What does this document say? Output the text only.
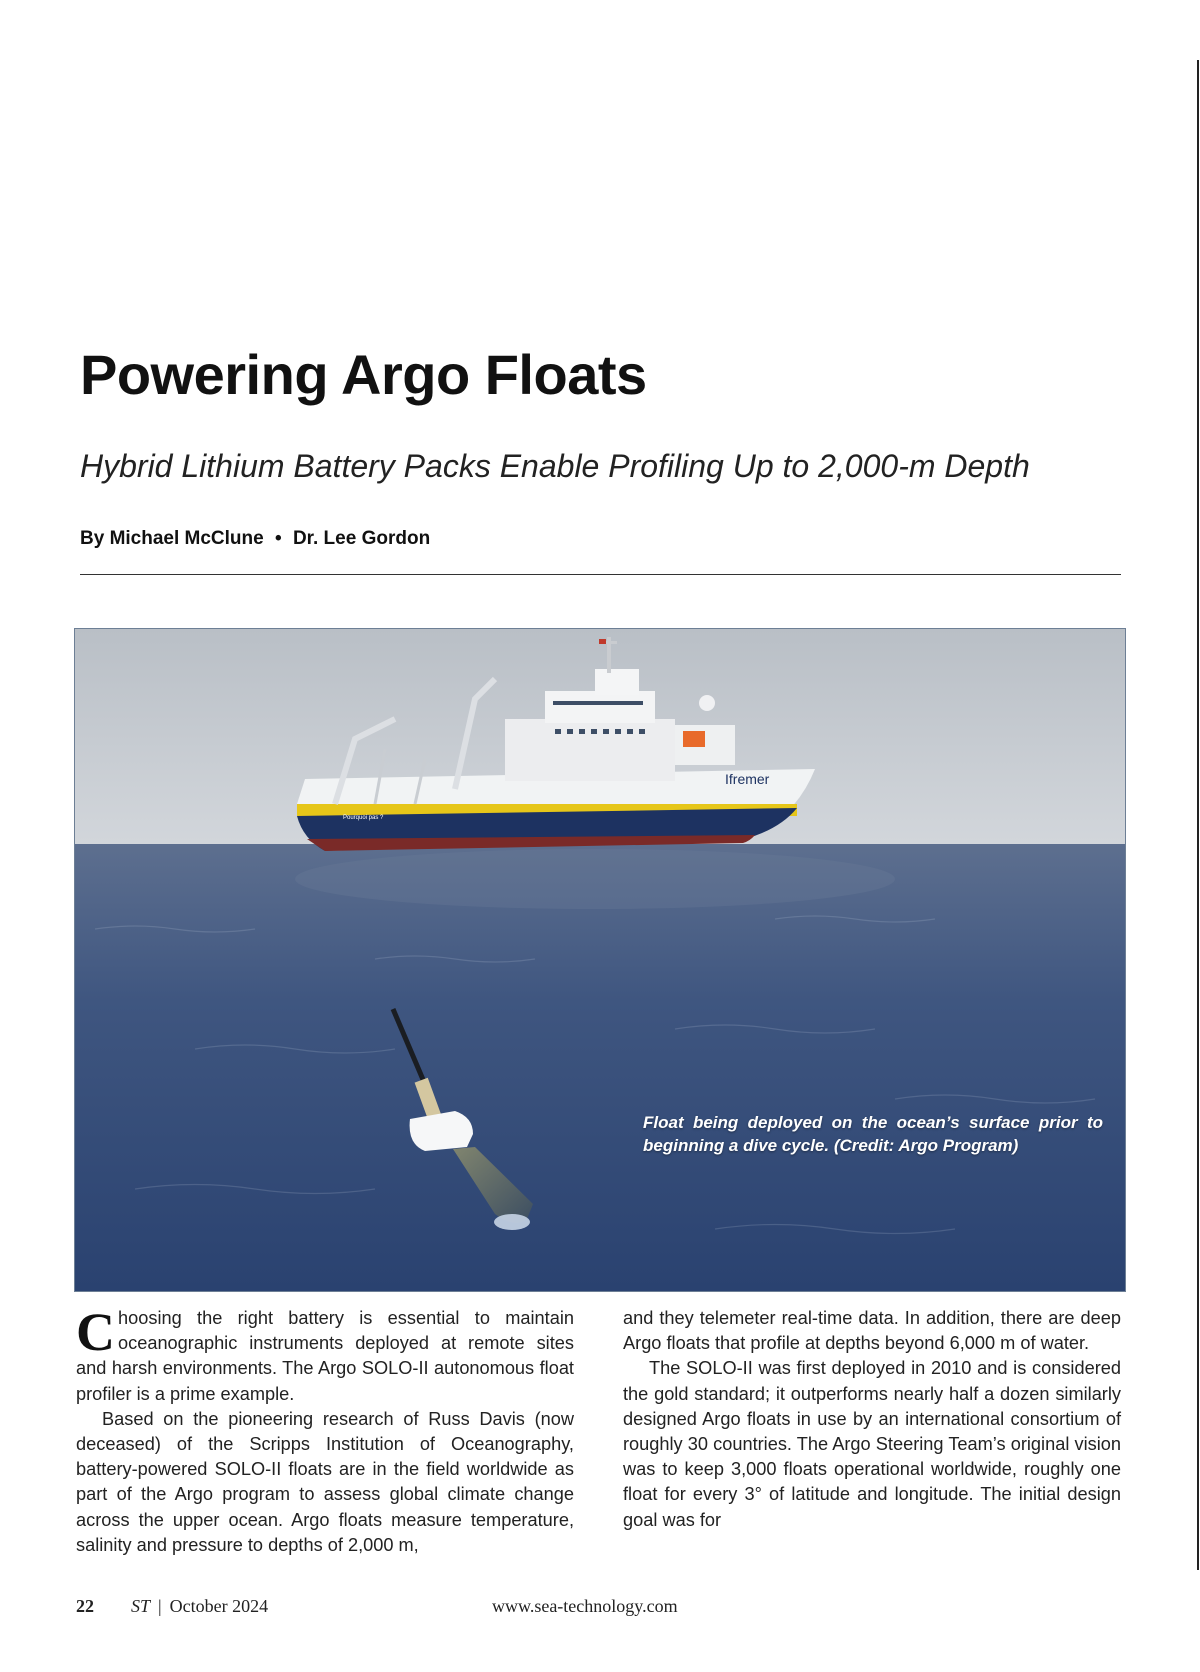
Powering Argo Floats
Hybrid Lithium Battery Packs Enable Profiling Up to 2,000-m Depth
By Michael McClune • Dr. Lee Gordon
Ifremer
Pourquoi pas ?
Float being deployed on the ocean’s surface prior to beginning a dive cycle. (Credit: Argo Program)

Choosing the right battery is essential to maintain oceanographic instruments deployed at remote sites and harsh environments. The Argo SOLO-II autonomous float profiler is a prime example.

Based on the pioneering research of Russ Davis (now deceased) of the Scripps Institution of Oceanography, battery-powered SOLO-II floats are in the field worldwide as part of the Argo program to assess global climate change across the upper ocean. Argo floats measure temperature, salinity and pressure to depths of 2,000 m,

and they telemeter real-time data. In addition, there are deep Argo floats that profile at depths beyond 6,000 m of water.

The SOLO-II was first deployed in 2010 and is considered the gold standard; it outperforms nearly half a dozen similarly designed Argo floats in use by an international consortium of roughly 30 countries. The Argo Steering Team’s original vision was to keep 3,000 floats operational worldwide, roughly one float for every 3° of latitude and longitude. The initial design goal was for

22 ST | October 2024	www.sea-technology.com
